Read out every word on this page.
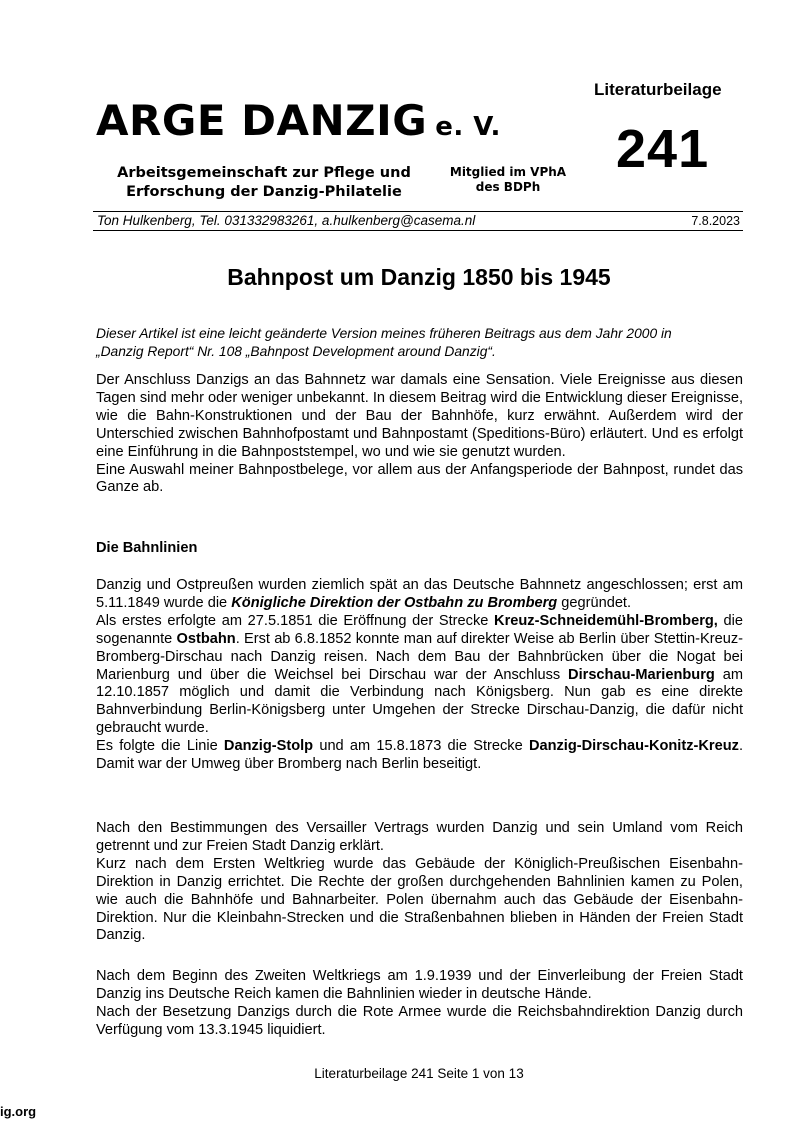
ARGE DANZIG e. V.
Arbeitsgemeinschaft zur Pflege und
Erforschung der Danzig-Philatelie
Mitglied im VPhA
des BDPh
Literaturbeilage
241
Ton Hulkenberg, Tel. 031332983261, a.hulkenberg@casema.nl	7.8.2023
Bahnpost um Danzig 1850 bis 1945

Dieser Artikel ist eine leicht geänderte Version meines früheren Beitrags aus dem Jahr 2000 in

„Danzig Report“ Nr. 108 „Bahnpost Development around Danzig“.

Der Anschluss Danzigs an das Bahnnetz war damals eine Sensation. Viele Ereignisse aus diesen Tagen sind mehr oder weniger unbekannt. In diesem Beitrag wird die Entwicklung dieser Ereignisse, wie die Bahn-Konstruktionen und der Bau der Bahnhöfe, kurz erwähnt. Außerdem wird der Unterschied zwischen Bahnhofpostamt und Bahnpostamt (Speditions-Büro) erläutert. Und es erfolgt eine Einführung in die Bahnpoststempel, wo und wie sie genutzt wurden.

Eine Auswahl meiner Bahnpostbelege, vor allem aus der Anfangsperiode der Bahnpost, rundet das Ganze ab.

Die Bahnlinien

Danzig und Ostpreußen wurden ziemlich spät an das Deutsche Bahnnetz angeschlossen; erst am 5.11.1849 wurde die Königliche Direktion der Ostbahn zu Bromberg gegründet.

Als erstes erfolgte am 27.5.1851 die Eröffnung der Strecke Kreuz-Schneidemühl-Bromberg, die sogenannte Ostbahn. Erst ab 6.8.1852 konnte man auf direkter Weise ab Berlin über Stettin-Kreuz-Bromberg-Dirschau nach Danzig reisen. Nach dem Bau der Bahnbrücken über die Nogat bei Marienburg und über die Weichsel bei Dirschau war der Anschluss Dirschau-Marienburg am 12.10.1857 möglich und damit die Verbindung nach Königsberg. Nun gab es eine direkte Bahnverbindung Berlin-Königsberg unter Umgehen der Strecke Dirschau-Danzig, die dafür nicht gebraucht wurde.

Es folgte die Linie Danzig-Stolp und am 15.8.1873 die Strecke Danzig-Dirschau-Konitz-Kreuz. Damit war der Umweg über Bromberg nach Berlin beseitigt.

Nach den Bestimmungen des Versailler Vertrags wurden Danzig und sein Umland vom Reich getrennt und zur Freien Stadt Danzig erklärt.

Kurz nach dem Ersten Weltkrieg wurde das Gebäude der Königlich-Preußischen Eisenbahn-Direktion in Danzig errichtet. Die Rechte der großen durchgehenden Bahnlinien kamen zu Polen, wie auch die Bahnhöfe und Bahnarbeiter. Polen übernahm auch das Gebäude der Eisenbahn-Direktion. Nur die Kleinbahn-Strecken und die Straßenbahnen blieben in Händen der Freien Stadt Danzig.

Nach dem Beginn des Zweiten Weltkriegs am 1.9.1939 und der Einverleibung der Freien Stadt Danzig ins Deutsche Reich kamen die Bahnlinien wieder in deutsche Hände.

Nach der Besetzung Danzigs durch die Rote Armee wurde die Reichsbahndirektion Danzig durch Verfügung vom 13.3.1945 liquidiert.

Literaturbeilage 241 Seite 1 von 13
ig.org
